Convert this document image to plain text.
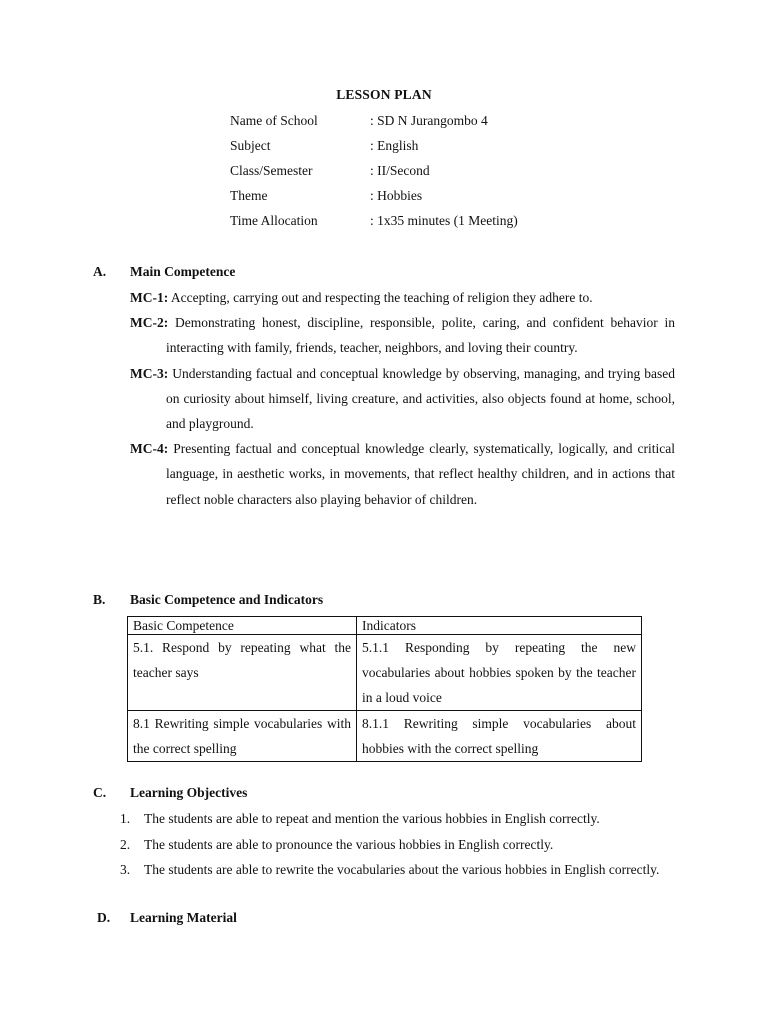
LESSON PLAN
Name of School	: SD N Jurangombo 4
Subject	: English
Class/Semester	: II/Second
Theme	: Hobbies
Time Allocation	: 1x35 minutes (1 Meeting)
A. Main Competence
MC-1: Accepting, carrying out and respecting the teaching of religion they adhere to.
MC-2: Demonstrating honest, discipline, responsible, polite, caring, and confident behavior in interacting with family, friends, teacher, neighbors, and loving their country.
MC-3: Understanding factual and conceptual knowledge by observing, managing, and trying based on curiosity about himself, living creature, and activities, also objects found at home, school, and playground.
MC-4: Presenting factual and conceptual knowledge clearly, systematically, logically, and critical language, in aesthetic works, in movements, that reflect healthy children, and in actions that reflect noble characters also playing behavior of children.
B. Basic Competence and Indicators
Basic Competence	Indicators
5.1. Respond by repeating what the teacher says	5.1.1 Responding by repeating the new vocabularies about hobbies spoken by the teacher in a loud voice
8.1 Rewriting simple vocabularies with the correct spelling	8.1.1 Rewriting simple vocabularies about hobbies with the correct spelling
C. Learning Objectives
1.	The students are able to repeat and mention the various hobbies in English correctly.
2.	The students are able to pronounce the various hobbies in English correctly.
3.	The students are able to rewrite the vocabularies about the various hobbies in English correctly.
D. Learning Material
